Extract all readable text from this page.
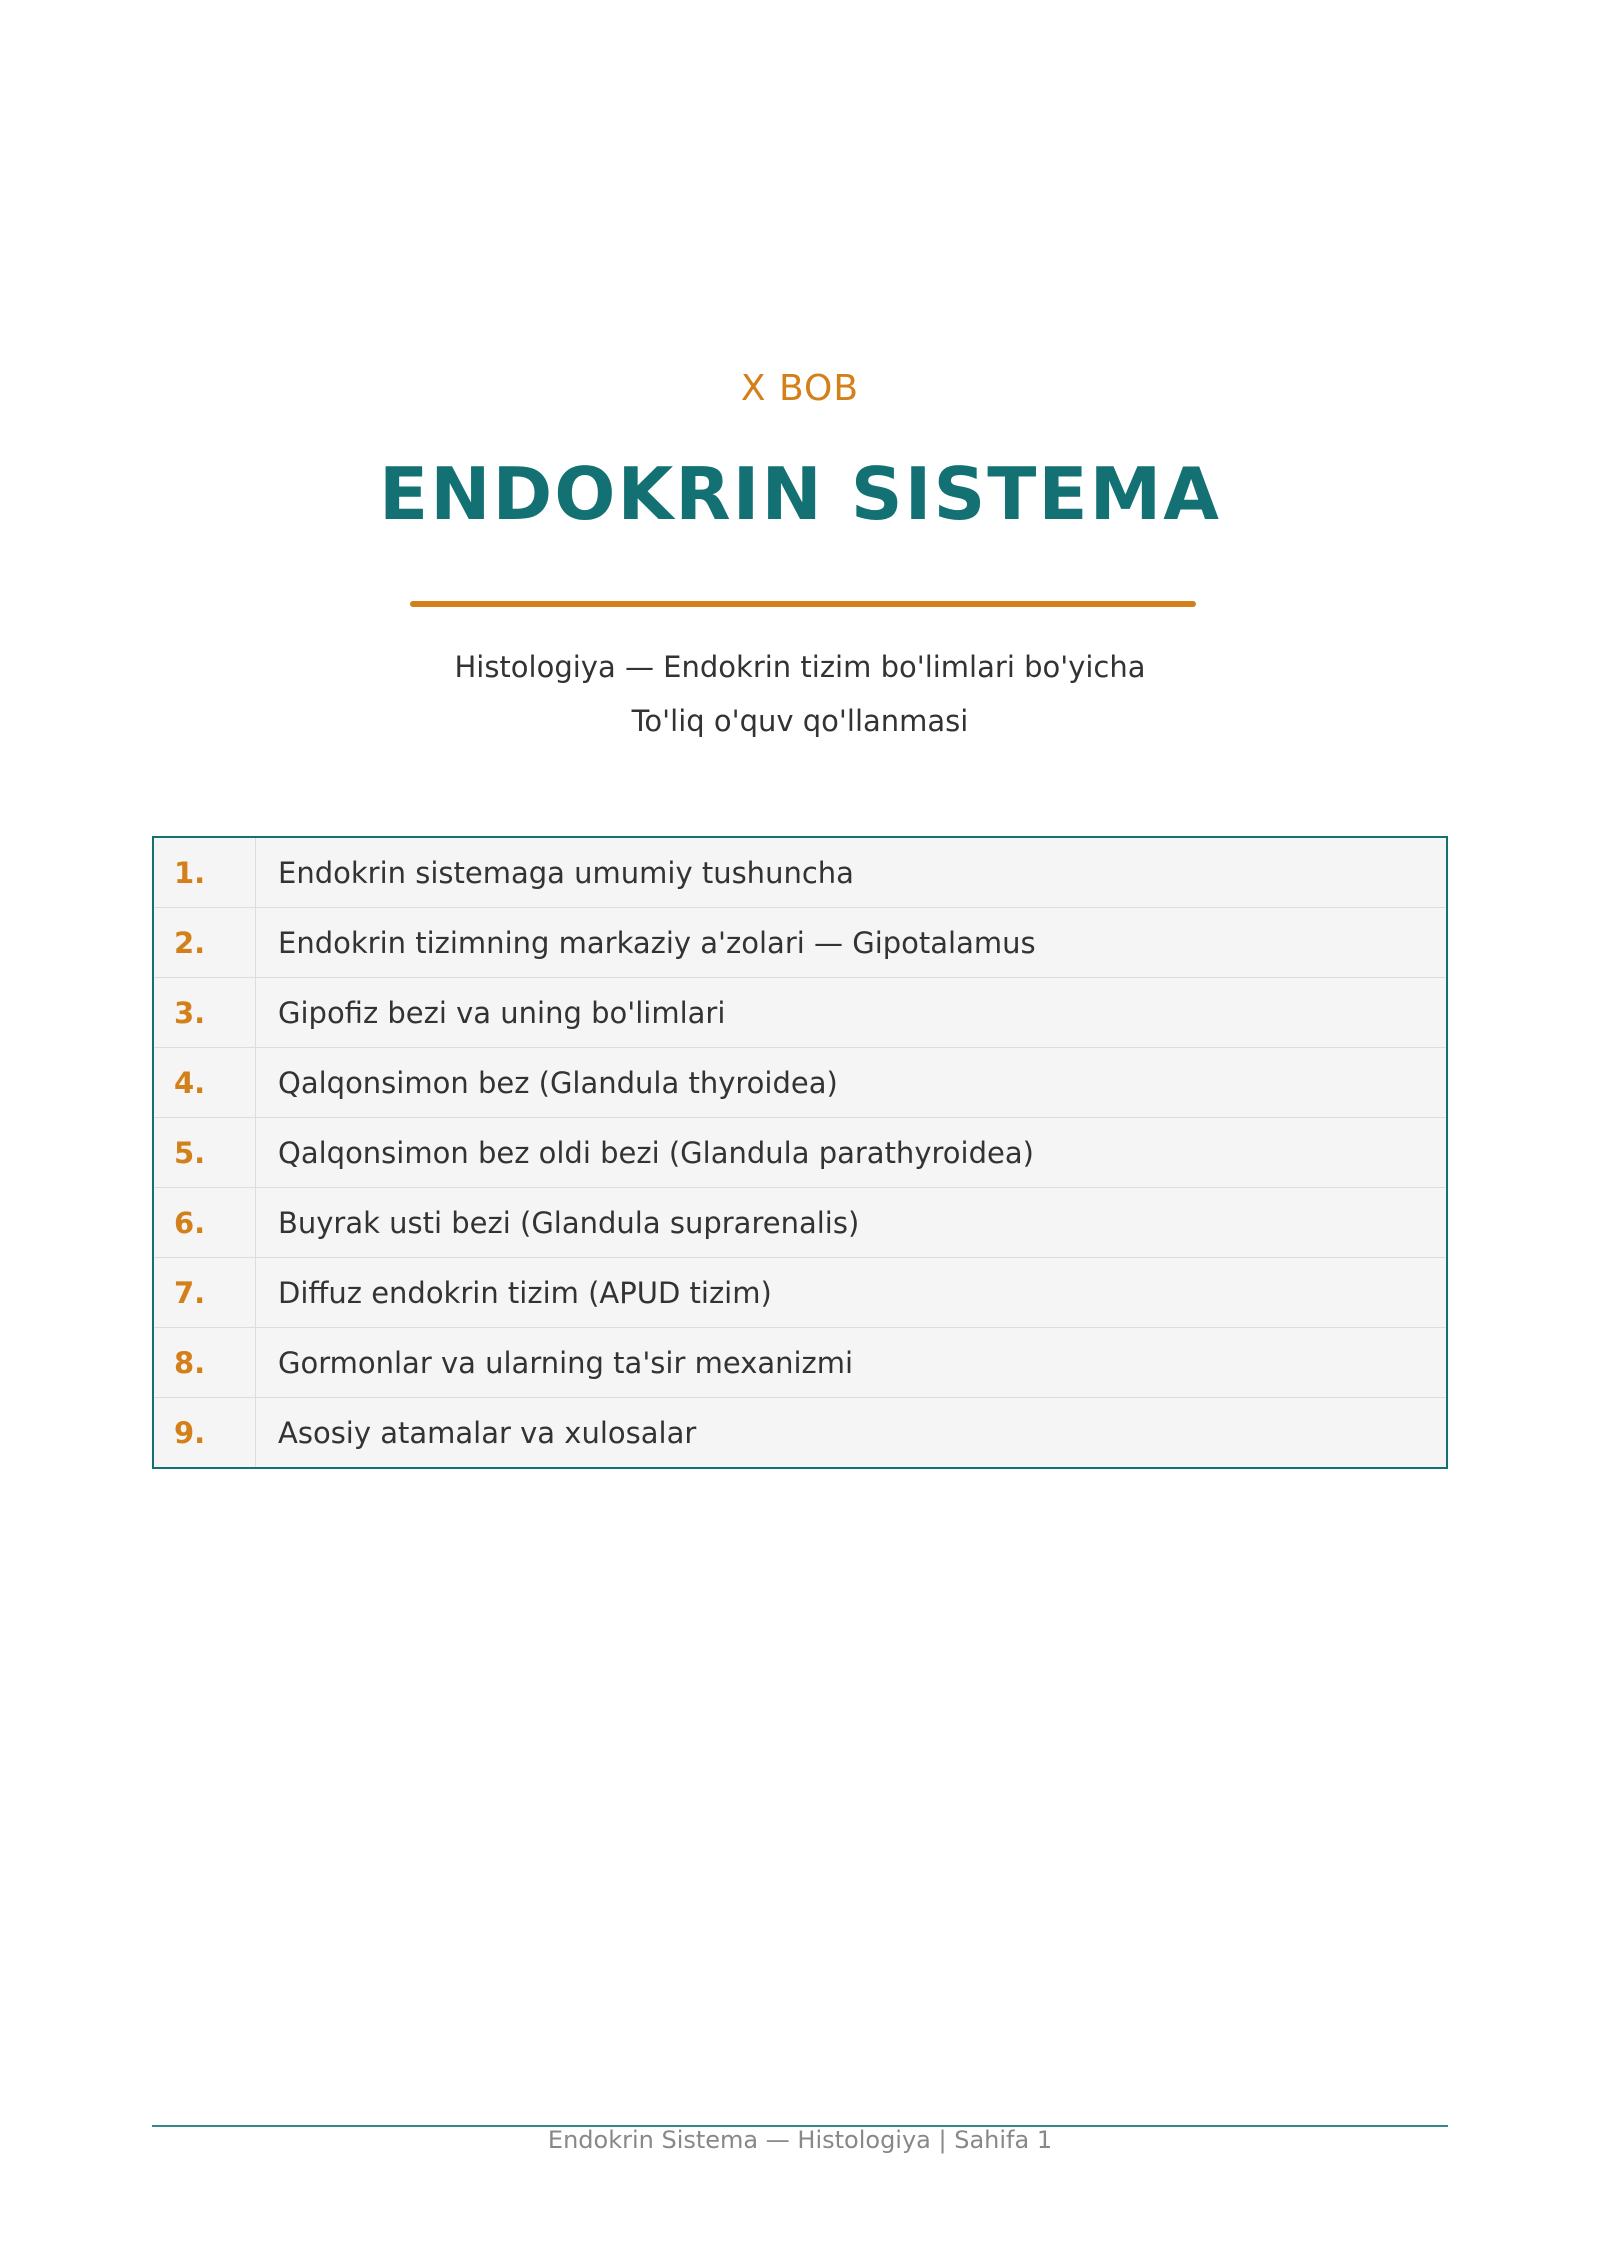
X BOB
ENDOKRIN SISTEMA
Histologiya — Endokrin tizim bo'limlari bo'yicha
To'liq o'quv qo'llanmasi
1.	Endokrin sistemaga umumiy tushuncha
2.	Endokrin tizimning markaziy a'zolari — Gipotalamus
3.	Gipofiz bezi va uning bo'limlari
4.	Qalqonsimon bez (Glandula thyroidea)
5.	Qalqonsimon bez oldi bezi (Glandula parathyroidea)
6.	Buyrak usti bezi (Glandula suprarenalis)
7.	Diffuz endokrin tizim (APUD tizim)
8.	Gormonlar va ularning ta'sir mexanizmi
9.	Asosiy atamalar va xulosalar
Endokrin Sistema — Histologiya | Sahifa 1
